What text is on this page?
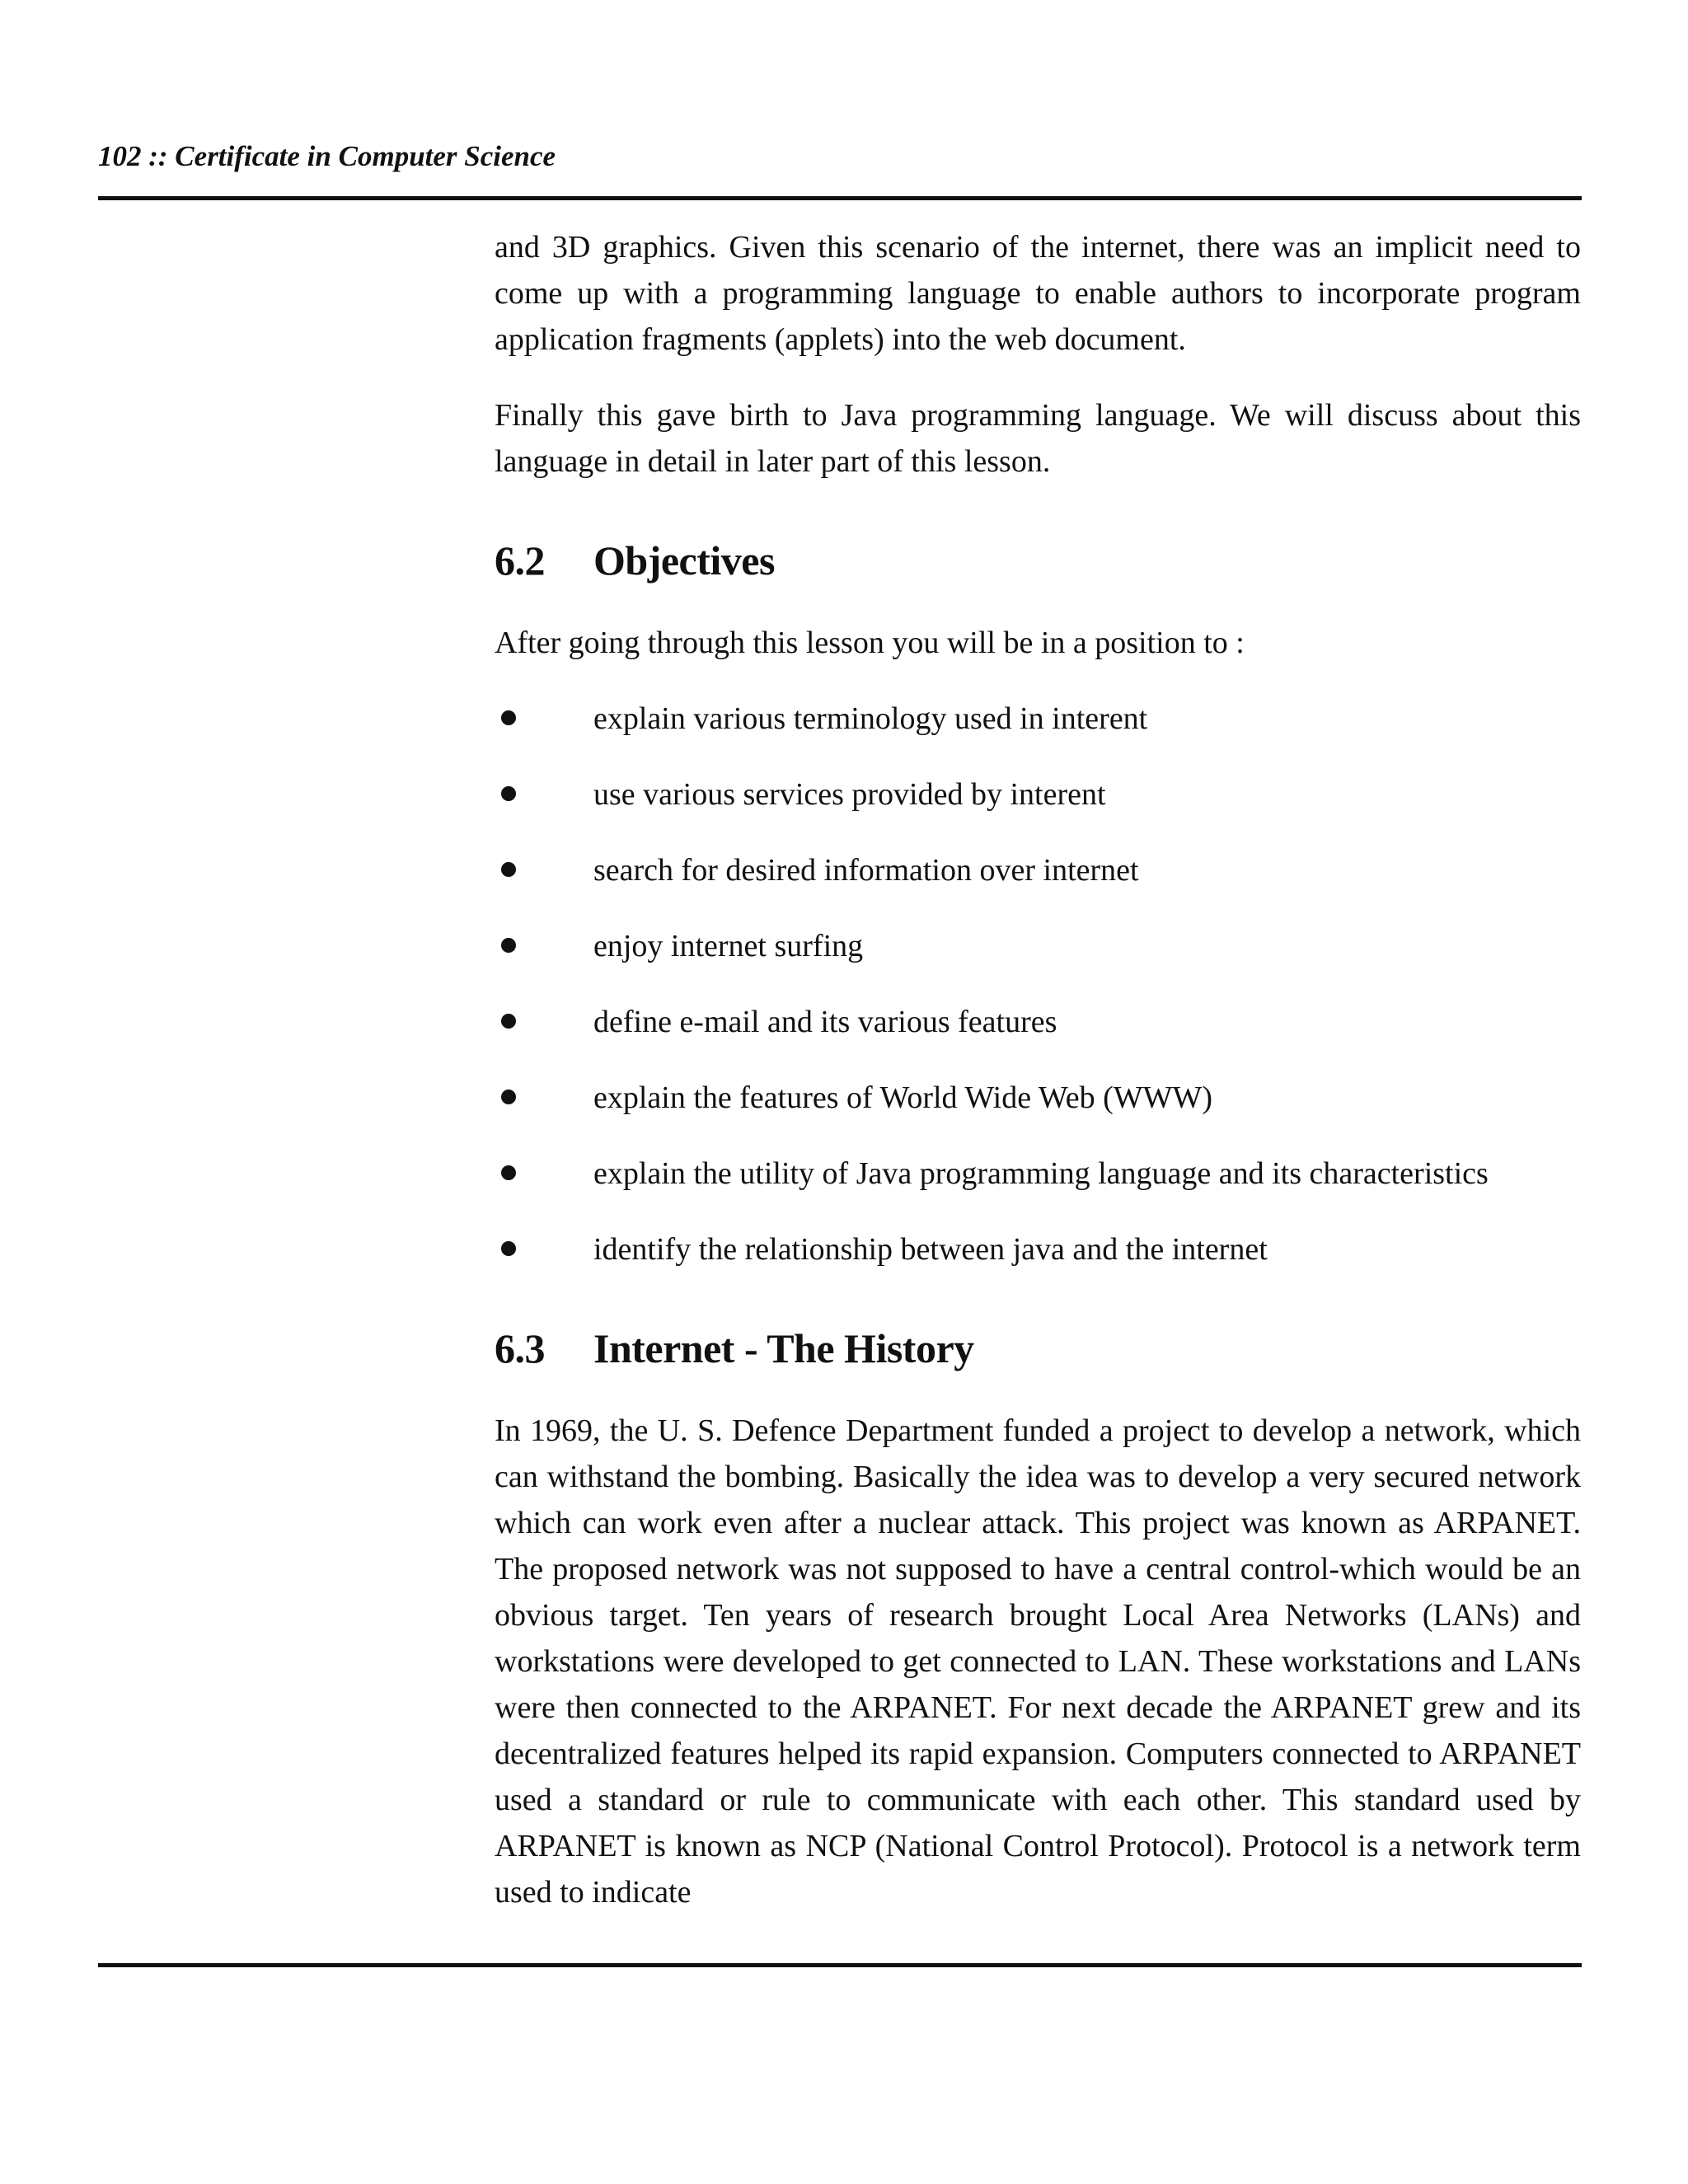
102 :: Certificate in Computer Science

and 3D graphics. Given this scenario of the internet, there was an implicit need to come up with a programming language to enable authors to incorporate program application fragments (applets) into the web document.

Finally this gave birth to Java programming language. We will discuss about this language in detail in later part of this lesson.

6.2	Objectives

After going through this lesson you will be in a position to :

explain various terminology used in interent
use various services provided by interent
search for desired information over internet
enjoy internet surfing
define e-mail and its various features
explain the features of World Wide Web (WWW)
explain the utility of Java programming language and its characteristics
identify the relationship between java and the internet
6.3	Internet - The History

In 1969, the U. S. Defence Department funded a project to develop a network, which can withstand the bombing. Basically the idea was to develop a very secured network which can work even after a nuclear attack. This project was known as ARPANET. The proposed network was not supposed to have a central control-which would be an obvious target. Ten years of research brought Local Area Networks (LANs) and workstations were developed to get connected to LAN. These workstations and LANs were then connected to the ARPANET. For next decade the ARPANET grew and its decentralized features helped its rapid expansion. Computers connected to ARPANET used a standard or rule to communicate with each other. This standard used by ARPANET is known as NCP (National Control Protocol). Protocol is a network term used to indicate
